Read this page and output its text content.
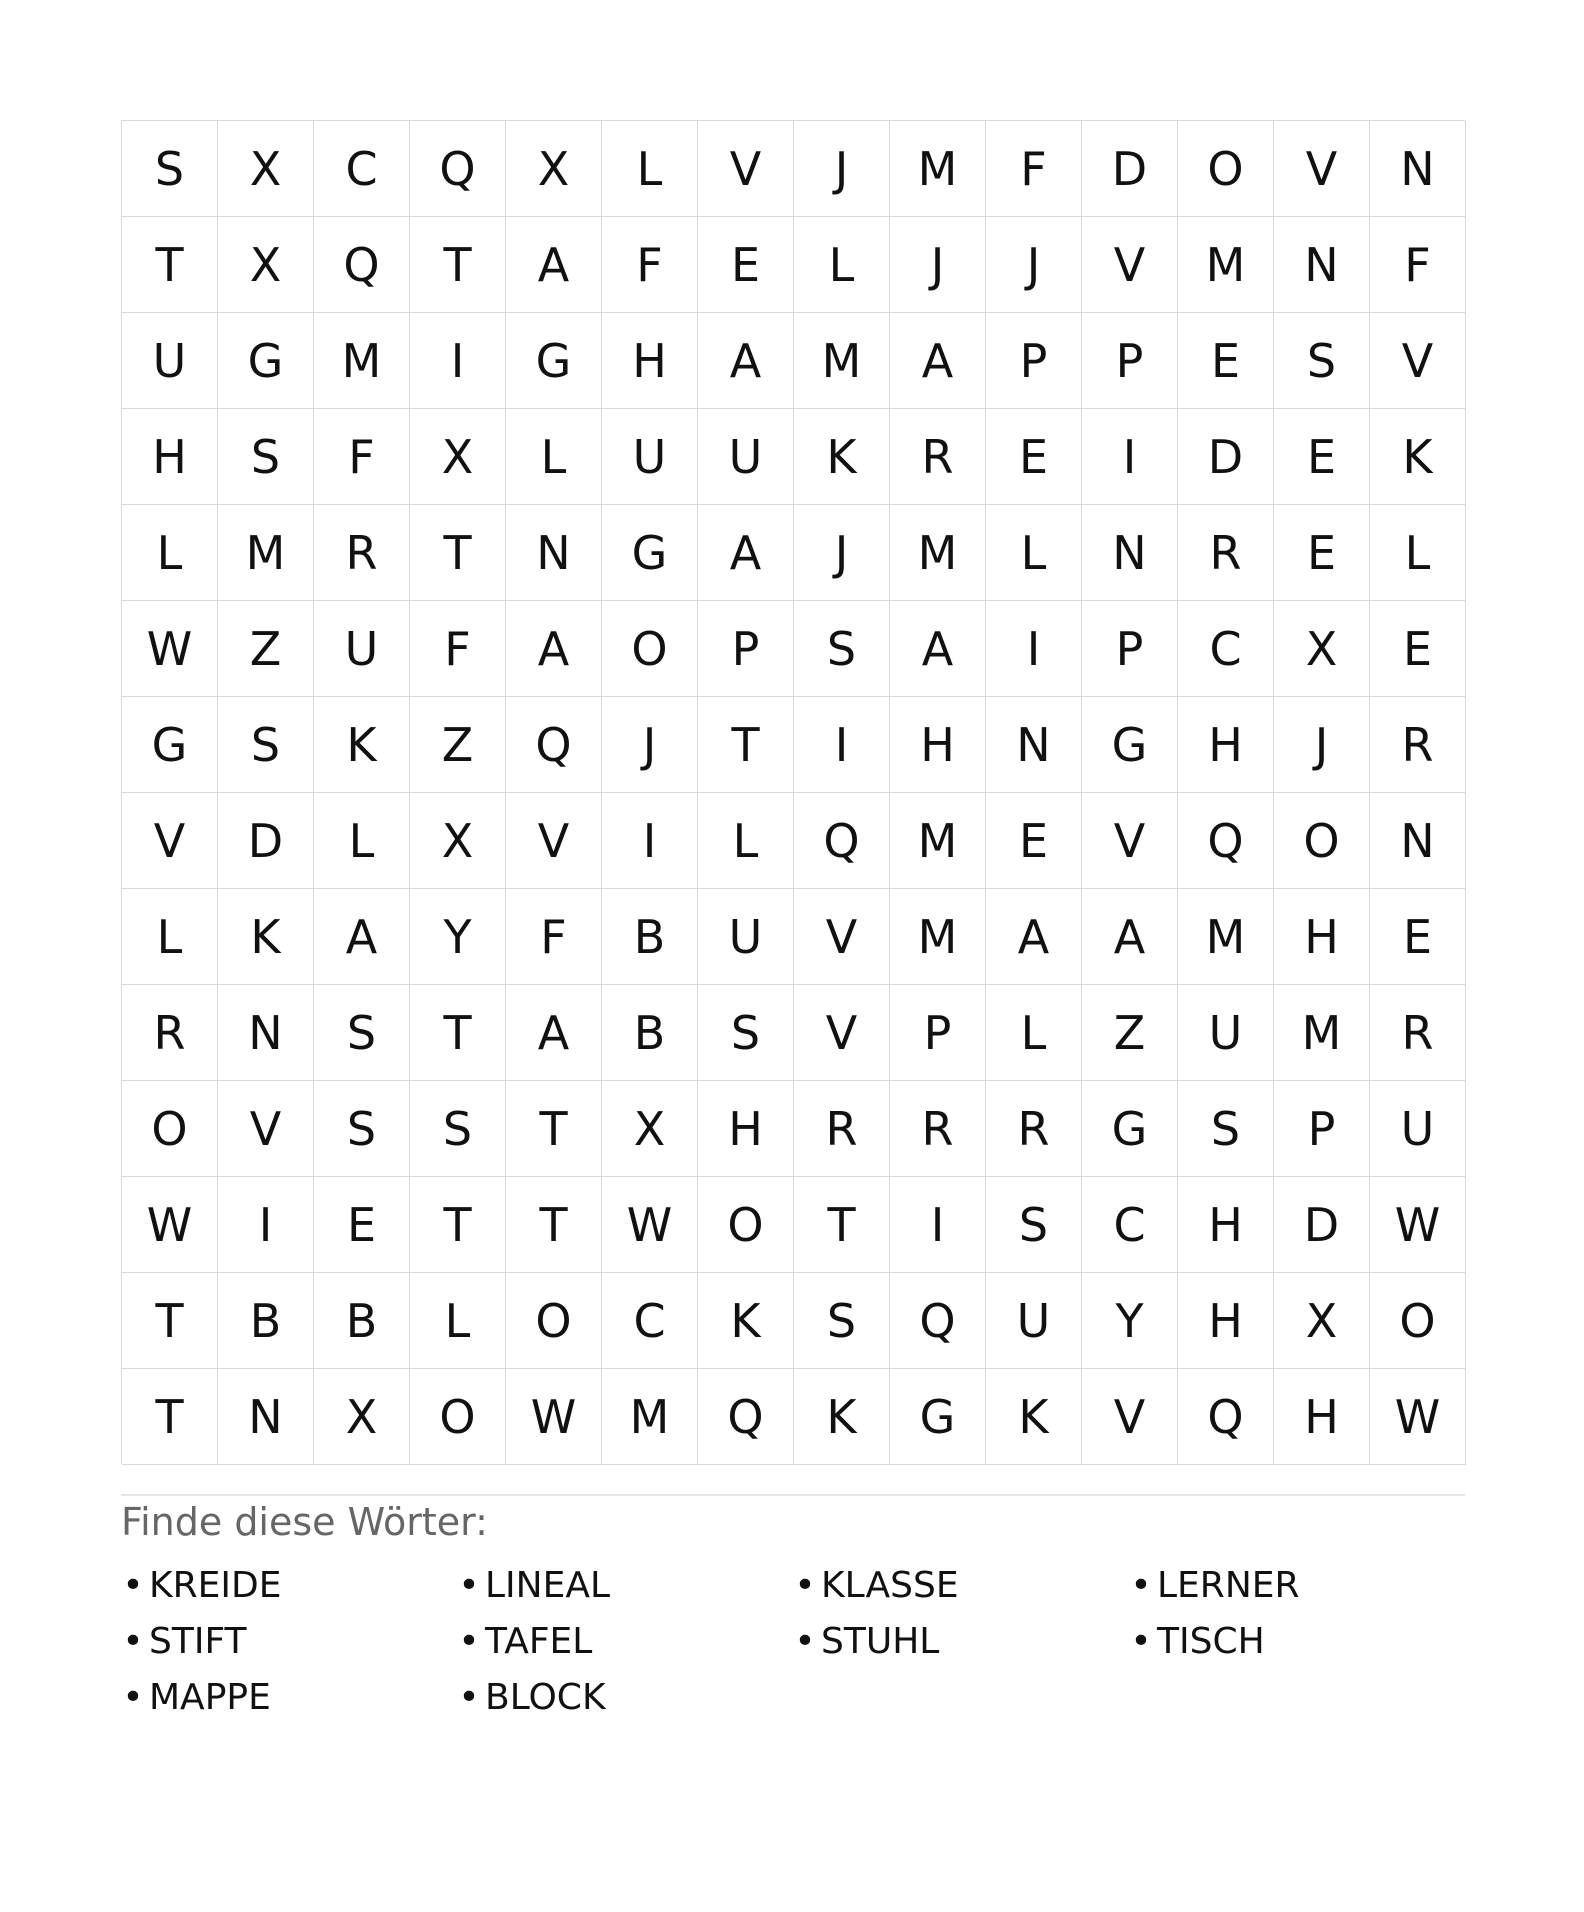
S	X	C	Q	X	L	V	J	M	F	D	O	V	N
T	X	Q	T	A	F	E	L	J	J	V	M	N	F
U	G	M	I	G	H	A	M	A	P	P	E	S	V
H	S	F	X	L	U	U	K	R	E	I	D	E	K
L	M	R	T	N	G	A	J	M	L	N	R	E	L
W	Z	U	F	A	O	P	S	A	I	P	C	X	E
G	S	K	Z	Q	J	T	I	H	N	G	H	J	R
V	D	L	X	V	I	L	Q	M	E	V	Q	O	N
L	K	A	Y	F	B	U	V	M	A	A	M	H	E
R	N	S	T	A	B	S	V	P	L	Z	U	M	R
O	V	S	S	T	X	H	R	R	R	G	S	P	U
W	I	E	T	T	W	O	T	I	S	C	H	D	W
T	B	B	L	O	C	K	S	Q	U	Y	H	X	O
T	N	X	O	W	M	Q	K	G	K	V	Q	H	W
Finde diese Wörter:
• KREIDE	• LINEAL	• KLASSE	• LERNER
• STIFT	• TAFEL	• STUHL	• TISCH
• MAPPE	• BLOCK
